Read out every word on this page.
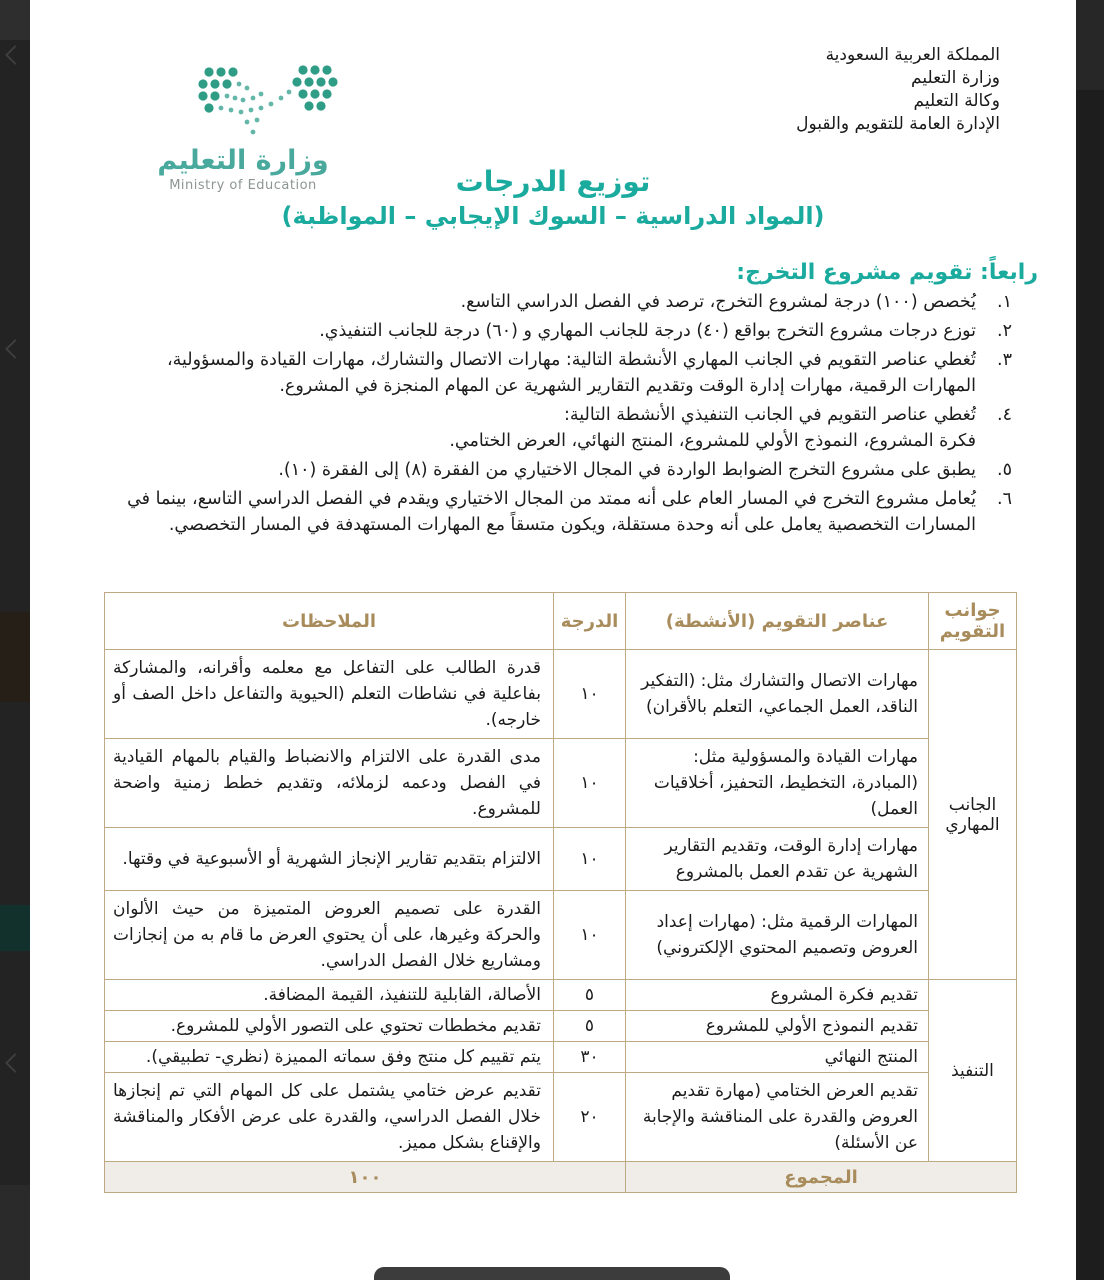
وزارة التعليم
Ministry of Education
المملكة العربية السعودية
وزارة التعليم
وكالة التعليم
الإدارة العامة للتقويم والقبول
توزيع الدرجات
(المواد الدراسية – السوك الإيجابي – المواظبة)
رابعاً: تقويم مشروع التخرج:
١.
يُخصص (١٠٠) درجة لمشروع التخرج، ترصد في الفصل الدراسي التاسع.
٢.
توزع درجات مشروع التخرج بواقع (٤٠) درجة للجانب المهاري و (٦٠) درجة للجانب التنفيذي.
٣.
تُغطي عناصر التقويم في الجانب المهاري الأنشطة التالية: مهارات الاتصال والتشارك، مهارات القيادة والمسؤولية، المهارات الرقمية، مهارات إدارة الوقت وتقديم التقارير الشهرية عن المهام المنجزة في المشروع.
٤.
تُغطي عناصر التقويم في الجانب التنفيذي الأنشطة التالية:
فكرة المشروع، النموذج الأولي للمشروع، المنتج النهائي، العرض الختامي.
٥.
يطبق على مشروع التخرج الضوابط الواردة في المجال الاختياري من الفقرة (٨) إلى الفقرة (١٠).
٦.
يُعامل مشروع التخرج في المسار العام على أنه ممتد من المجال الاختياري ويقدم في الفصل الدراسي التاسع، بينما في المسارات التخصصية يعامل على أنه وحدة مستقلة، ويكون متسقاً مع المهارات المستهدفة في المسار التخصصي.
جوانب التقويم	عناصر التقويم (الأنشطة)	الدرجة	الملاحظات
الجانب المهاري	مهارات الاتصال والتشارك مثل: (التفكير الناقد، العمل الجماعي، التعلم بالأقران)	١٠	قدرة الطالب على التفاعل مع معلمه وأقرانه، والمشاركة بفاعلية في نشاطات التعلم (الحيوية والتفاعل داخل الصف أو خارجه).
	مهارات القيادة والمسؤولية مثل: (المبادرة، التخطيط، التحفيز، أخلاقيات العمل)	١٠	مدى القدرة على الالتزام والانضباط والقيام بالمهام القيادية في الفصل ودعمه لزملائه، وتقديم خطط زمنية واضحة للمشروع.
	مهارات إدارة الوقت، وتقديم التقارير الشهرية عن تقدم العمل بالمشروع	١٠	الالتزام بتقديم تقارير الإنجاز الشهرية أو الأسبوعية في وقتها.
	المهارات الرقمية مثل: (مهارات إعداد العروض وتصميم المحتوي الإلكتروني)	١٠	القدرة على تصميم العروض المتميزة من حيث الألوان والحركة وغيرها، على أن يحتوي العرض ما قام به من إنجازات ومشاريع خلال الفصل الدراسي.
التنفيذ	تقديم فكرة المشروع	٥	الأصالة، القابلية للتنفيذ، القيمة المضافة.
	تقديم النموذج الأولي للمشروع	٥	تقديم مخططات تحتوي على التصور الأولي للمشروع.
	المنتج النهائي	٣٠	يتم تقييم كل منتج وفق سماته المميزة (نظري- تطبيقي).
	تقديم العرض الختامي (مهارة تقديم العروض والقدرة على المناقشة والإجابة عن الأسئلة)	٢٠	تقديم عرض ختامي يشتمل على كل المهام التي تم إنجازها خلال الفصل الدراسي، والقدرة على عرض الأفكار والمناقشة والإقناع بشكل مميز.
المجموع		١٠٠	
